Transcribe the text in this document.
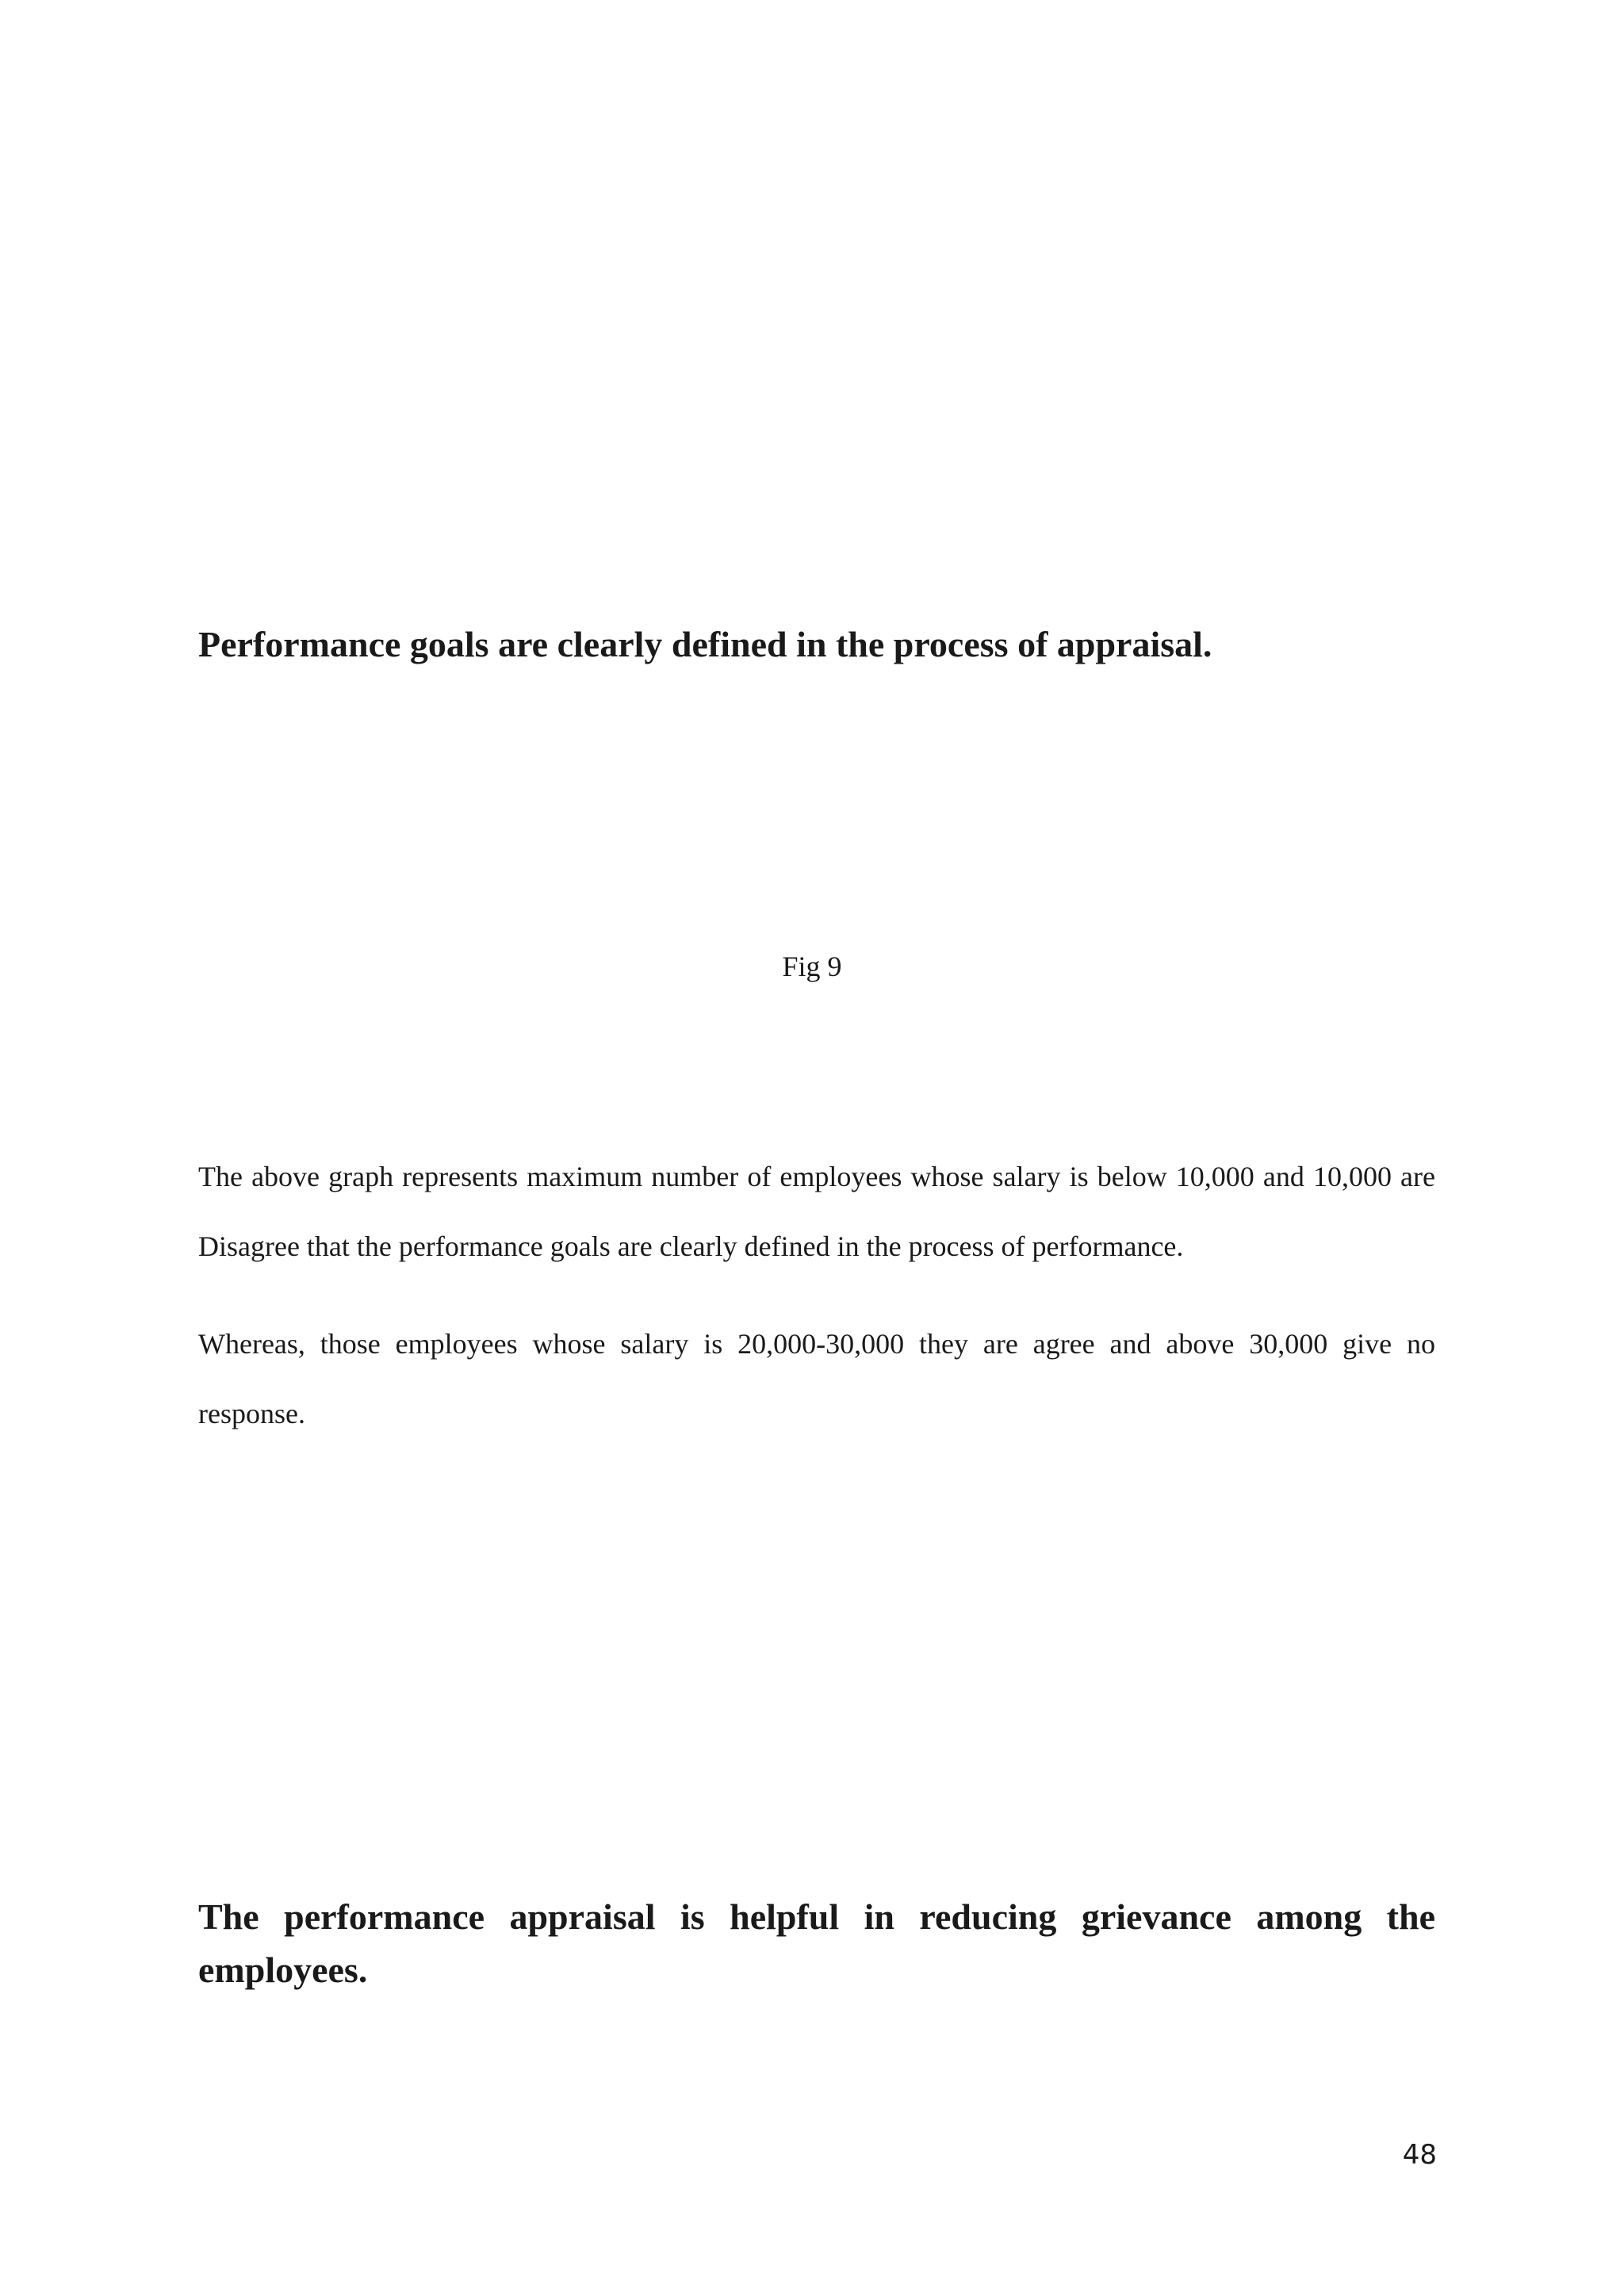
Performance goals are clearly defined in the process of appraisal.

Fig 9

The above graph represents maximum number of employees whose salary is below 10,000 and 10,000 are Disagree that the performance goals are clearly defined in the process of performance.

Whereas, those employees whose salary is 20,000-30,000 they are agree and above 30,000 give no response.

The performance appraisal is helpful in reducing grievance among the employees.

48
